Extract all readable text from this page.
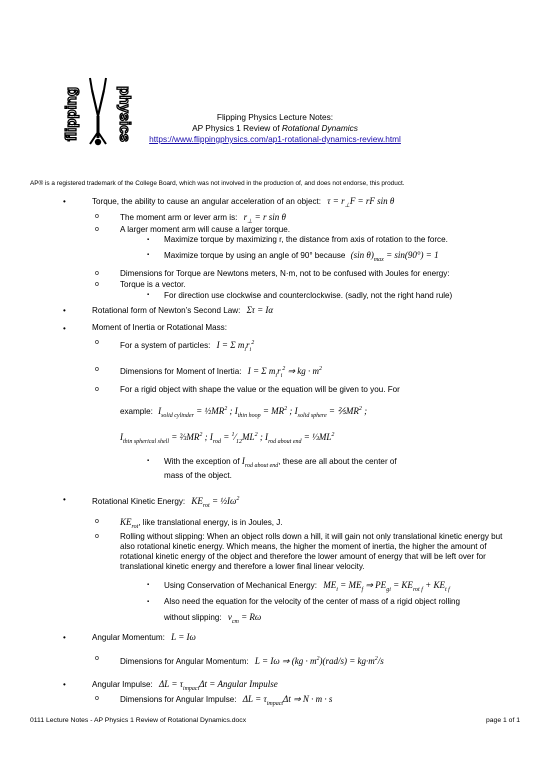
flipping physics	Flipping Physics Lecture Notes:
AP Physics 1 Review of Rotational Dynamics
https://www.flippingphysics.com/ap1-rotational-dynamics-review.html
AP® is a registered trademark of the College Board, which was not involved in the production of, and does not endorse, this product.
•	Torque, the ability to cause an angular acceleration of an object: $\tau = r_\perp F$ = rF sin θ
o	The moment arm or lever arm is: $r_\perp = r$ sin θ
o	A larger moment arm will cause a larger torque.
▪ Maximize torque by maximizing r, the distance from axis of rotation to the force.
▪ Maximize torque by using an angle of 90° because (sin $\theta)_{max} = \sin(90^\circ) = 1$
o	Dimensions for Torque are Newtons meters, N·m, not to be confused with Joules for energy:
o	Torque is a vector.
▪ For direction use clockwise and counterclockwise. (sadly, not the right hand rule)
•	Rotational form of Newton’s Second Law: Στ = Iα
•	Moment of Inertia or Rotational Mass:
o	For a system of particles: I = Σ $m_ir_i^2$
o	Dimensions for Moment of Inertia: I = Σ $m_ir_i^2$ ⇒ kg · $m^2$
o	For a rigid object with shape the value or the equation will be given to you. For
example: $I_{solid cylinder}$ = $\frac{1}{2}MR^2$ ; $I_{thin hoop} = MR^2$ ; $I_{solid sphere}$ = $\frac{2}{5}MR^2$ ;
$I_{thin spherical shell}$ = $\frac{2}{3}MR^2$ ; $I_{rod}$ = $^1⁄_{12}ML^2$ ; $I_{rod about end}$ = $\frac{1}{3}ML^2$
▪ With the exception of $I_{rod about end}$, these are all about the center of
mass of the object.
•	Rotational Kinetic Energy: $KE_{rot}$ = $\frac{1}{2}I\omega^2$
o $KE_{rot}$, like translational energy, is in Joules, J.
o	Rolling without slipping: When an object rolls down a hill, it will gain not only translational kinetic energy but also rotational kinetic energy. Which means, the higher the moment of inertia, the higher the amount of rotational kinetic energy of the object and therefore the lower amount of energy that will be left over for translational kinetic energy and therefore a lower final linear velocity.
▪ Using Conservation of Mechanical Energy: $ME_i = ME_f$ ⇒ $PE_{gi} = KE_{rot f} + KE_{t f}$
▪ Also need the equation for the velocity of the center of mass of a rigid object rolling
without slipping: $v_{cm} = R\omega$
•	Angular Momentum: L = Iω
o	Dimensions for Angular Momentum: L = Iω ⇒ $(kg \cdot m^2)(rad/s) = kg\cdot m^2/s$
•	Angular Impulse: $\Delta L = \tau_{impact}\Delta t$ = Angular Impulse
o	Dimensions for Angular Impulse: $\Delta L = \tau_{impact}\Delta t$ ⇒ N · m · s
0111 Lecture Notes - AP Physics 1 Review of Rotational Dynamics.docx	page 1 of 1
